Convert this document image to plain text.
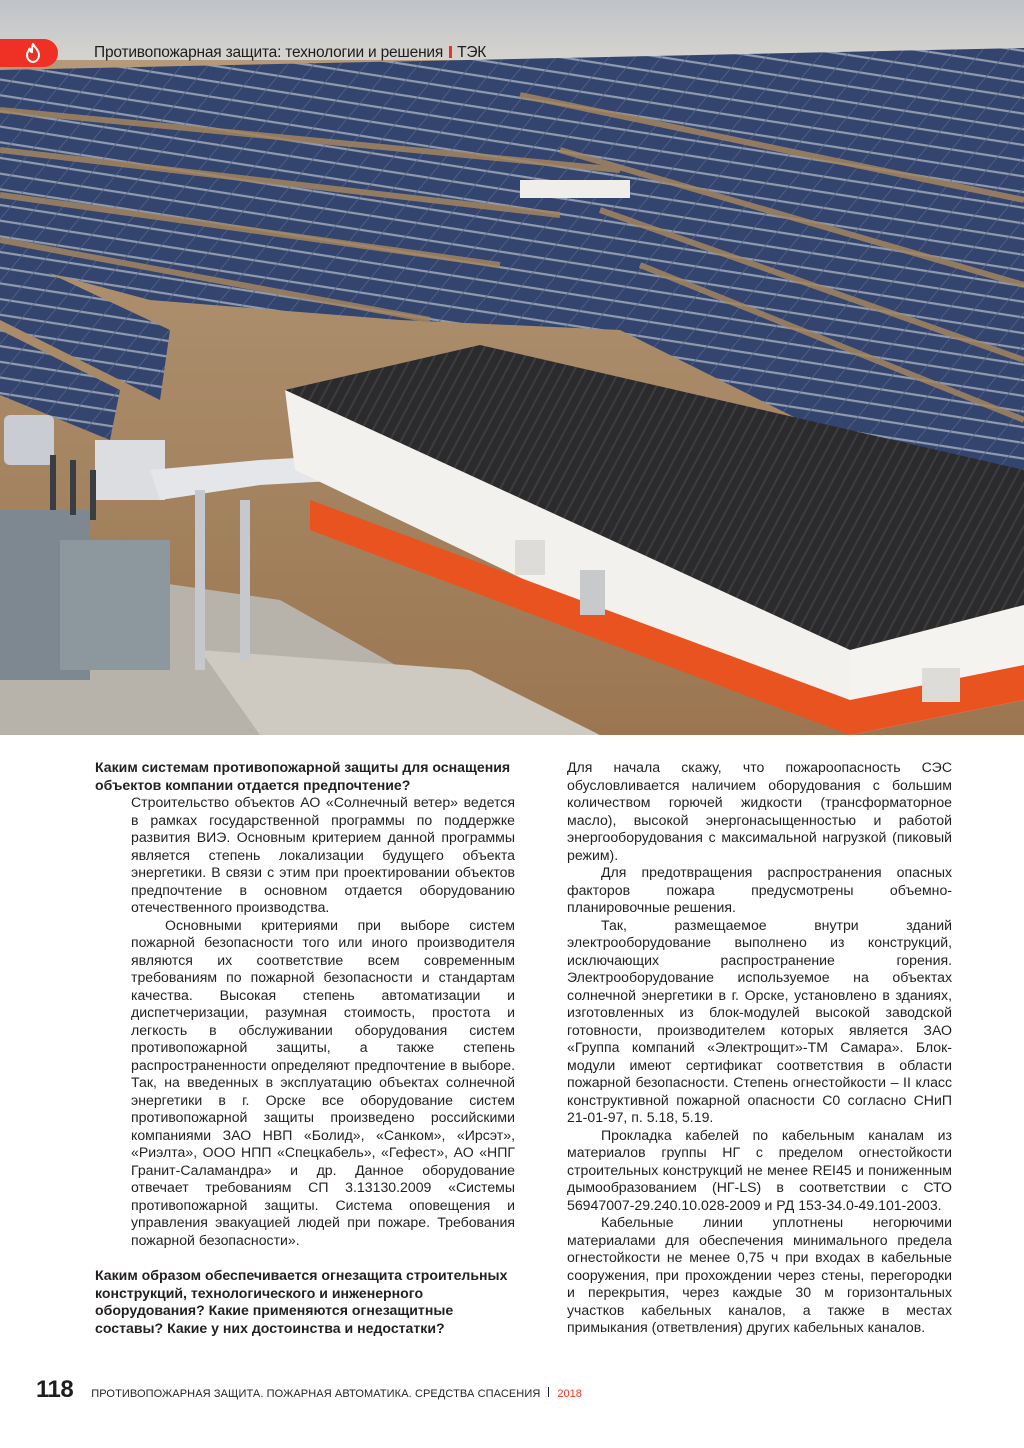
Противопожарная защита: технологии и решения ТЭК

Каким системам противопожарной защиты для оснащения объектов компании отдается предпочтение?

Строительство объектов АО «Солнечный ветер» ведется в рамках государственной программы по поддержке развития ВИЭ. Основным критерием данной программы является степень локализации будущего объекта энергетики. В связи с этим при проектировании объектов предпочтение в основном отдается оборудованию отечественного производства.

Основными критериями при выборе систем пожарной безопасности того или иного производителя являются их соответствие всем современным требованиям по пожарной безопасности и стандартам качества. Высокая степень автоматизации и диспетчеризации, разумная стоимость, простота и легкость в обслуживании оборудования систем противопожарной защиты, а также степень распространенности определяют предпочтение в выборе. Так, на введенных в эксплуатацию объектах солнечной энергетики в г. Орске все оборудование систем противопожарной защиты произведено российскими компаниями ЗАО НВП «Болид», «Санком», «Ирсэт», «Риэлта», ООО НПП «Спецкабель», «Гефест», АО «НПГ Гранит-Саламандра» и др. Данное оборудование отвечает требованиям СП 3.13130.2009 «Системы противопожарной защиты. Система оповещения и управления эвакуацией людей при пожаре. Требования пожарной безопасности».

Каким образом обеспечивается огнезащита строительных конструкций, технологического и инженерного оборудования? Какие применяются огнезащитные составы? Какие у них достоинства и недостатки?

Для начала скажу, что пожароопасность СЭС обусловливается наличием оборудования с большим количеством горючей жидкости (трансформаторное масло), высокой энергонасыщенностью и работой энергооборудования с максимальной нагрузкой (пиковый режим).

Для предотвращения распространения опасных факторов пожара предусмотрены объемно-планировочные решения.

Так, размещаемое внутри зданий электрооборудование выполнено из конструкций, исключающих распространение горения. Электрооборудование используемое на объектах солнечной энергетики в г. Орске, установлено в зданиях, изготовленных из блок-модулей высокой заводской готовности, производителем которых является ЗАО «Группа компаний «Электрощит»-ТМ Самара». Блок-модули имеют сертификат соответствия в области пожарной безопасности. Степень огнестойкости – II класс конструктивной пожарной опасности С0 согласно СНиП 21-01-97, п. 5.18, 5.19.

Прокладка кабелей по кабельным каналам из материалов группы НГ с пределом огнестойкости строительных конструкций не менее REI45 и пониженным дымообразованием (НГ-LS) в соответствии с СТО 56947007-29.240.10.028-2009 и РД 153-34.0-49.101-2003.

Кабельные линии уплотнены негорючими материалами для обеспечения минимального предела огнестойкости не менее 0,75 ч при входах в кабельные сооружения, при прохождении через стены, перегородки и перекрытия, через каждые 30 м горизонтальных участков кабельных каналов, а также в местах примыкания (ответвления) других кабельных каналов.

118 ПРОТИВОПОЖАРНАЯ ЗАЩИТА. ПОЖАРНАЯ АВТОМАТИКА. СРЕДСТВА СПАСЕНИЯ 2018
